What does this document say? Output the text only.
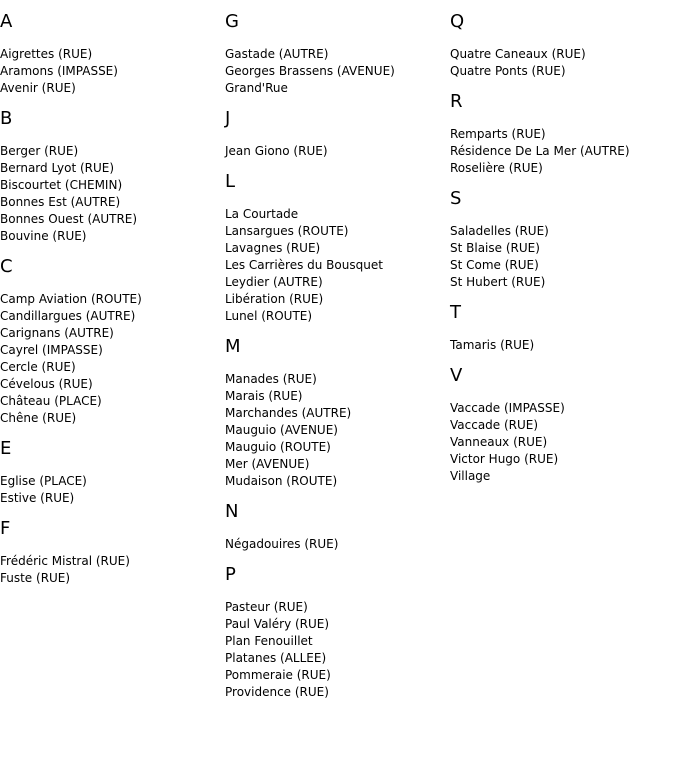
A
Aigrettes (RUE)
Aramons (IMPASSE)
Avenir (RUE)
B
Berger (RUE)
Bernard Lyot (RUE)
Biscourtet (CHEMIN)
Bonnes Est (AUTRE)
Bonnes Ouest (AUTRE)
Bouvine (RUE)
C
Camp Aviation (ROUTE)
Candillargues (AUTRE)
Carignans (AUTRE)
Cayrel (IMPASSE)
Cercle (RUE)
Cévelous (RUE)
Château (PLACE)
Chêne (RUE)
E
Eglise (PLACE)
Estive (RUE)
F
Frédéric Mistral (RUE)
Fuste (RUE)
G
Gastade (AUTRE)
Georges Brassens (AVENUE)
Grand'Rue
J
Jean Giono (RUE)
L
La Courtade
Lansargues (ROUTE)
Lavagnes (RUE)
Les Carrières du Bousquet
Leydier (AUTRE)
Libération (RUE)
Lunel (ROUTE)
M
Manades (RUE)
Marais (RUE)
Marchandes (AUTRE)
Mauguio (AVENUE)
Mauguio (ROUTE)
Mer (AVENUE)
Mudaison (ROUTE)
N
Négadouires (RUE)
P
Pasteur (RUE)
Paul Valéry (RUE)
Plan Fenouillet
Platanes (ALLEE)
Pommeraie (RUE)
Providence (RUE)
Q
Quatre Caneaux (RUE)
Quatre Ponts (RUE)
R
Remparts (RUE)
Résidence De La Mer (AUTRE)
Roselière (RUE)
S
Saladelles (RUE)
St Blaise (RUE)
St Come (RUE)
St Hubert (RUE)
T
Tamaris (RUE)
V
Vaccade (IMPASSE)
Vaccade (RUE)
Vanneaux (RUE)
Victor Hugo (RUE)
Village
